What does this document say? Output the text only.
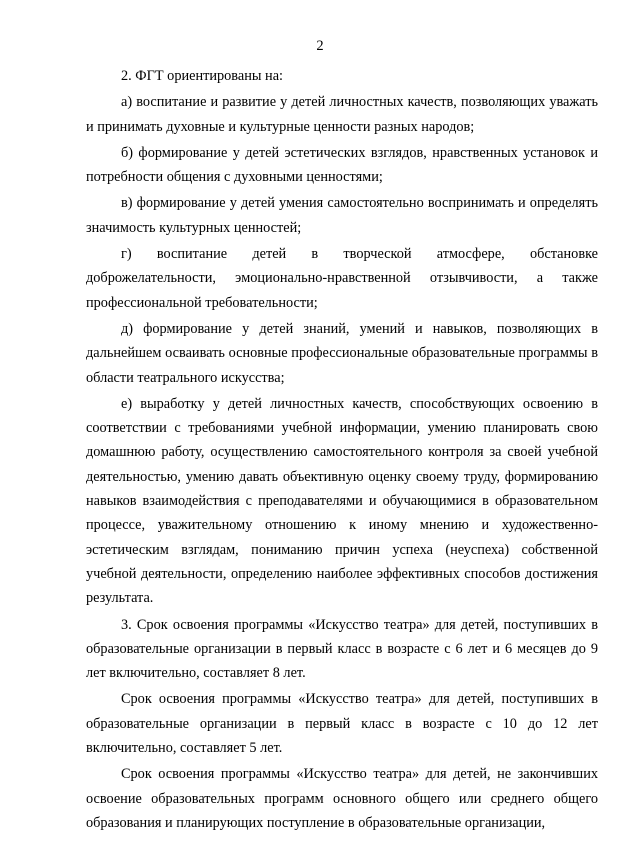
2

2. ФГТ ориентированы на:

а) воспитание и развитие у детей личностных качеств, позволяющих уважать и принимать духовные и культурные ценности разных народов;

б) формирование у детей эстетических взглядов, нравственных установок и потребности общения с духовными ценностями;

в) формирование у детей умения самостоятельно воспринимать и определять значимость культурных ценностей;

г) воспитание детей в творческой атмосфере, обстановке доброжелательности, эмоционально-нравственной отзывчивости, а также профессиональной требовательности;

д) формирование у детей знаний, умений и навыков, позволяющих в дальнейшем осваивать основные профессиональные образовательные программы в области театрального искусства;

е) выработку у детей личностных качеств, способствующих освоению в соответствии с требованиями учебной информации, умению планировать свою домашнюю работу, осуществлению самостоятельного контроля за своей учебной деятельностью, умению давать объективную оценку своему труду, формированию навыков взаимодействия с преподавателями и обучающимися в образовательном процессе, уважительному отношению к иному мнению и художественно-эстетическим взглядам, пониманию причин успеха (неуспеха) собственной учебной деятельности, определению наиболее эффективных способов достижения результата.

3. Срок освоения программы «Искусство театра» для детей, поступивших в образовательные организации в первый класс в возрасте с 6 лет и 6 месяцев до 9 лет включительно, составляет 8 лет.

Срок освоения программы «Искусство театра» для детей, поступивших в образовательные организации в первый класс в возрасте с 10 до 12 лет включительно, составляет 5 лет.

Срок освоения программы «Искусство театра» для детей, не закончивших освоение образовательных программ основного общего или среднего общего образования и планирующих поступление в образовательные организации,
